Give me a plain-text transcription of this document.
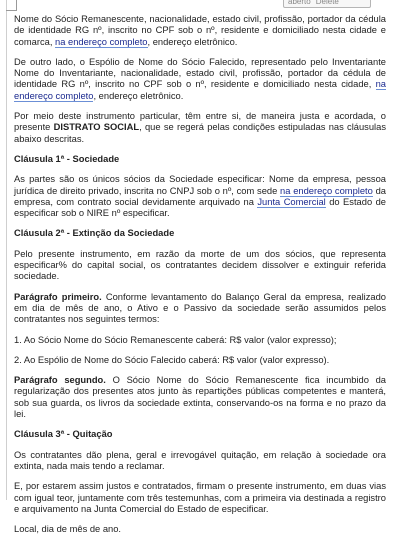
aberto "Delete"

Nome do Sócio Remanescente, nacionalidade, estado civil, profissão, portador da cédula de identidade RG nº, inscrito no CPF sob o nº, residente e domiciliado nesta cidade e comarca, na endereço completo, endereço eletrônico.

De outro lado, o Espólio de Nome do Sócio Falecido, representado pelo Inventariante Nome do Inventariante, nacionalidade, estado civil, profissão, portador da cédula de identidade RG nº, inscrito no CPF sob o nº, residente e domiciliado nesta cidade, na endereço completo, endereço eletrônico.

Por meio deste instrumento particular, têm entre si, de maneira justa e acordada, o presente DISTRATO SOCIAL, que se regerá pelas condições estipuladas nas cláusulas abaixo descritas.

Cláusula 1ª - Sociedade

As partes são os únicos sócios da Sociedade especificar: Nome da empresa, pessoa jurídica de direito privado, inscrita no CNPJ sob o nº, com sede na endereço completo da empresa, com contrato social devidamente arquivado na Junta Comercial do Estado de especificar sob o NIRE nº especificar.

Cláusula 2ª - Extinção da Sociedade

Pelo presente instrumento, em razão da morte de um dos sócios, que representa especificar% do capital social, os contratantes decidem dissolver e extinguir referida sociedade.

Parágrafo primeiro. Conforme levantamento do Balanço Geral da empresa, realizado em dia de mês de ano, o Ativo e o Passivo da sociedade serão assumidos pelos contratantes nos seguintes termos:

1. Ao Sócio Nome do Sócio Remanescente caberá: R$ valor (valor expresso);

2. Ao Espólio de Nome do Sócio Falecido caberá: R$ valor (valor expresso).

Parágrafo segundo. O Sócio Nome do Sócio Remanescente fica incumbido da regularização dos presentes atos junto às repartições públicas competentes e manterá, sob sua guarda, os livros da sociedade extinta, conservando-os na forma e no prazo da lei.

Cláusula 3ª - Quitação

Os contratantes dão plena, geral e irrevogável quitação, em relação à sociedade ora extinta, nada mais tendo a reclamar.

E, por estarem assim justos e contratados, firmam o presente instrumento, em duas vias com igual teor, juntamente com três testemunhas, com a primeira via destinada a registro e arquivamento na Junta Comercial do Estado de especificar.

Local, dia de mês de ano.
